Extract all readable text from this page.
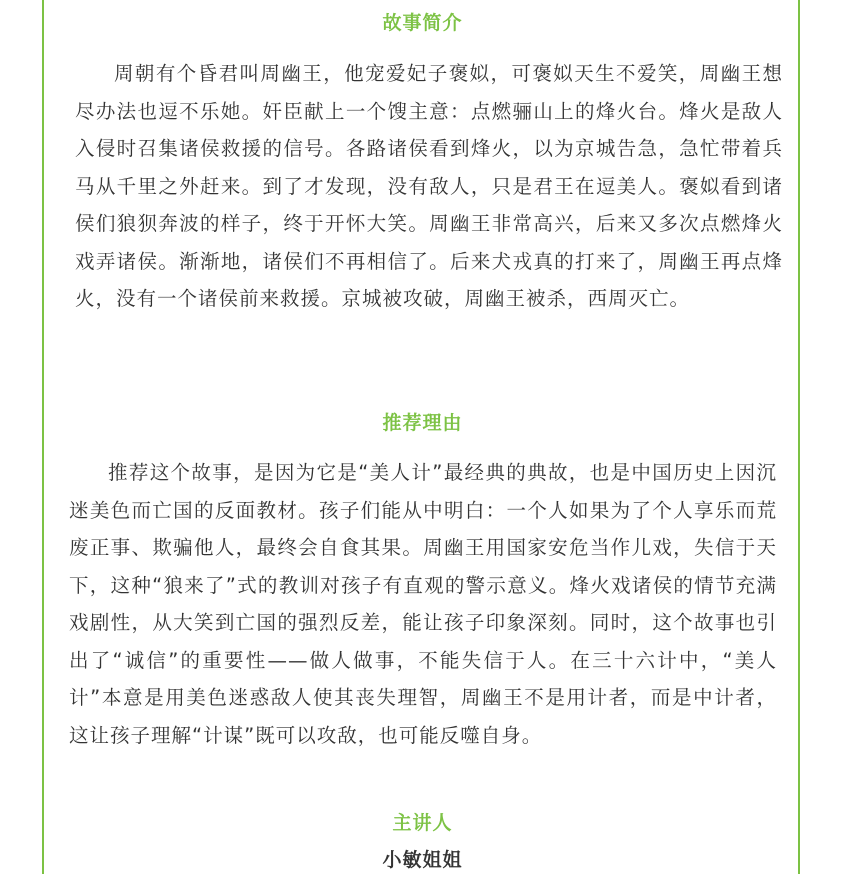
故事简介

周朝有个昏君叫周幽王，他宠爱妃子褒姒，可褒姒天生不爱笑，周幽王想尽办法也逗不乐她。奸臣献上一个馊主意：点燃骊山上的烽火台。烽火是敌人入侵时召集诸侯救援的信号。各路诸侯看到烽火，以为京城告急，急忙带着兵马从千里之外赶来。到了才发现，没有敌人，只是君王在逗美人。褒姒看到诸侯们狼狈奔波的样子，终于开怀大笑。周幽王非常高兴，后来又多次点燃烽火戏弄诸侯。渐渐地，诸侯们不再相信了。后来犬戎真的打来了，周幽王再点烽火，没有一个诸侯前来救援。京城被攻破，周幽王被杀，西周灭亡。

推荐理由

推荐这个故事，是因为它是“美人计”最经典的典故，也是中国历史上因沉迷美色而亡国的反面教材。孩子们能从中明白：一个人如果为了个人享乐而荒废正事、欺骗他人，最终会自食其果。周幽王用国家安危当作儿戏，失信于天下，这种“狼来了”式的教训对孩子有直观的警示意义。烽火戏诸侯的情节充满戏剧性，从大笑到亡国的强烈反差，能让孩子印象深刻。同时，这个故事也引出了“诚信”的重要性——做人做事，不能失信于人。在三十六计中，“美人计”本意是用美色迷惑敌人使其丧失理智，周幽王不是用计者，而是中计者，这让孩子理解“计谋”既可以攻敌，也可能反噬自身。

主讲人
小敏姐姐
